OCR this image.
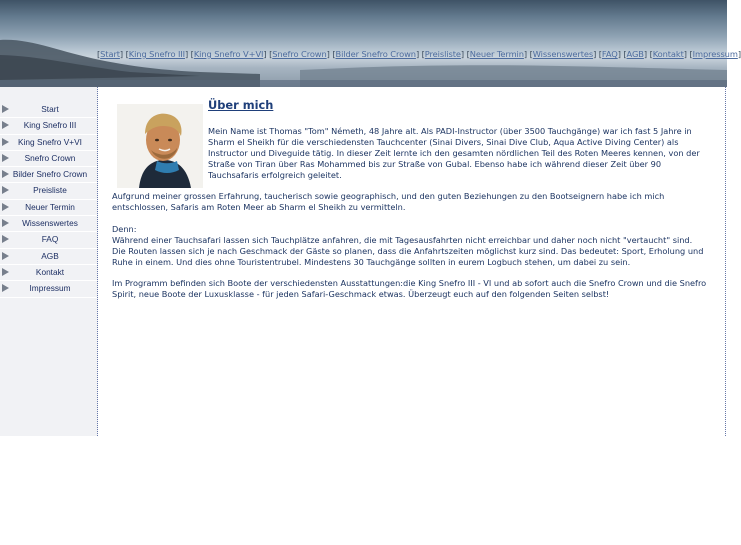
[Start] [King Snefro III] [King Snefro V+VI] [Snefro Crown] [Bilder Snefro Crown] [Preisliste] [Neuer Termin] [Wissenswertes] [FAQ] [AGB] [Kontakt] [Impressum]
Start
King Snefro III
King Snefro V+VI
Snefro Crown
Bilder Snefro Crown
Preisliste
Neuer Termin
Wissenswertes
FAQ
AGB
Kontakt
Impressum
Über mich
Mein Name ist Thomas "Tom" Németh, 48 Jahre alt. Als PADI-Instructor (über 3500 Tauchgänge) war ich fast 5 Jahre in Sharm el Sheikh für die verschiedensten Tauchcenter (Sinai Divers, Sinai Dive Club, Aqua Active Diving Center) als Instructor und Diveguide tätig. In dieser Zeit lernte ich den gesamten nördlichen Teil des Roten Meeres kennen, von der Straße von Tiran über Ras Mohammed bis zur Straße von Gubal. Ebenso habe ich während dieser Zeit über 90 Tauchsafaris erfolgreich geleitet.
Aufgrund meiner grossen Erfahrung, taucherisch sowie geographisch, und den guten Beziehungen zu den Bootseignern habe ich mich entschlossen, Safaris am Roten Meer ab Sharm el Sheikh zu vermitteln.
Denn:
Während einer Tauchsafari lassen sich Tauchplätze anfahren, die mit Tagesausfahrten nicht erreichbar und daher noch nicht "vertaucht" sind. Die Routen lassen sich je nach Geschmack der Gäste so planen, dass die Anfahrtszeiten möglichst kurz sind. Das bedeutet: Sport, Erholung und Ruhe in einem. Und dies ohne Touristentrubel. Mindestens 30 Tauchgänge sollten in eurem Logbuch stehen, um dabei zu sein.
Im Programm befinden sich Boote der verschiedensten Ausstattungen:die King Snefro III - VI und ab sofort auch die Snefro Crown und die Snefro Spirit, neue Boote der Luxusklasse - für jeden Safari-Geschmack etwas. Überzeugt euch auf den folgenden Seiten selbst!
